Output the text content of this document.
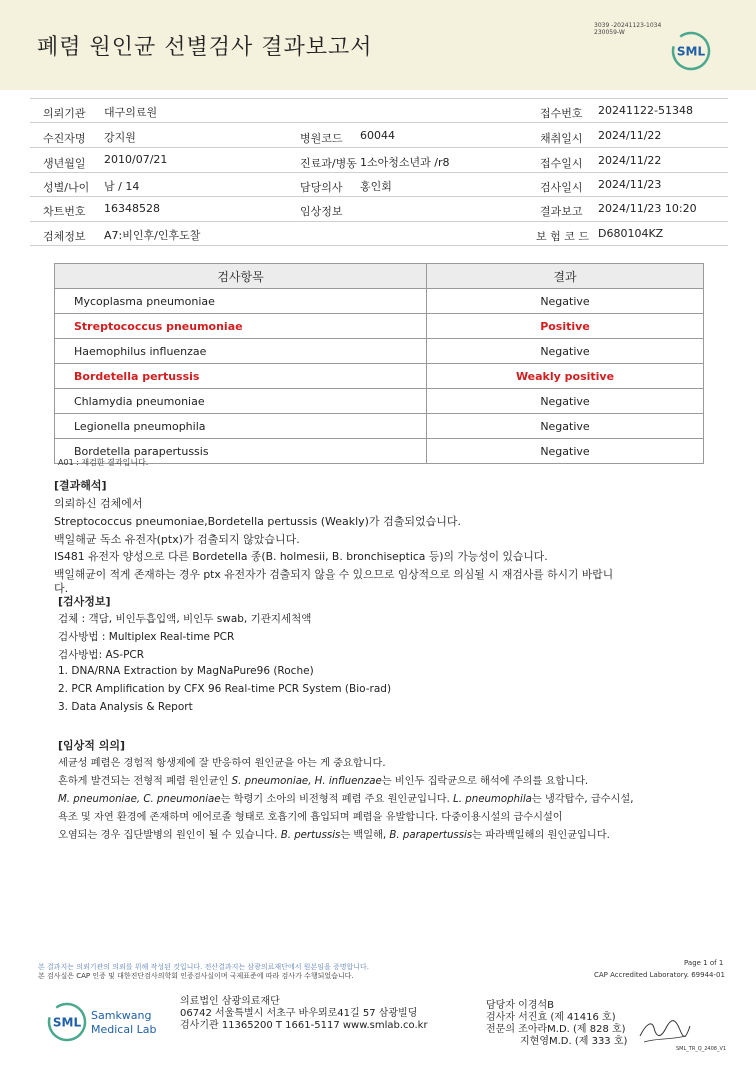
폐렴 원인균 선별검사 결과보고서
3039 -20241123-1034
230059-W
SML
의뢰기관 대구의료원	접수번호 20241122-51348
수진자명 강지원	병원코드 60044	채취일시 2024/11/22
생년월일 2010/07/21	진료과/병동 1소아청소년과 /r8	접수일시 2024/11/22
성별/나이 남 / 14	담당의사 홍인회	검사일시 2024/11/23
차트번호 16348528	임상정보	결과보고 2024/11/23 10:20
검체정보 A7:비인후/인후도찰	보 험 코 드 D680104KZ
검사항목	결과
Mycoplasma pneumoniae	Negative
Streptococcus pneumoniae	Positive
Haemophilus influenzae	Negative
Bordetella pertussis	Weakly positive
Chlamydia pneumoniae	Negative
Legionella pneumophila	Negative
Bordetella parapertussis	Negative
A01 : 재검한 결과입니다.
[결과해석]
의뢰하신 검체에서
Streptococcus pneumoniae,Bordetella pertussis (Weakly)가 검출되었습니다.
백일해균 독소 유전자(ptx)가 검출되지 않았습니다.
IS481 유전자 양성으로 다른 Bordetella 종(B. holmesii, B. bronchiseptica 등)의 가능성이 있습니다.
백일해균이 적게 존재하는 경우 ptx 유전자가 검출되지 않을 수 있으므로 임상적으로 의심될 시 재검사를 하시기 바랍니
다.
[검사정보]
검체 : 객담, 비인두흡입액, 비인두 swab, 기관지세척액
검사방법 : Multiplex Real-time PCR
검사방법: AS-PCR
1. DNA/RNA Extraction by MagNaPure96 (Roche)
2. PCR Amplification by CFX 96 Real-time PCR System (Bio-rad)
3. Data Analysis & Report
[임상적 의의]
세균성 폐렴은 경험적 항생제에 잘 반응하여 원인균을 아는 게 중요합니다.
흔하게 발견되는 전형적 폐렴 원인균인 S. pneumoniae, H. influenzae는 비인두 집락균으로 해석에 주의를 요합니다.
M. pneumoniae, C. pneumoniae는 학령기 소아의 비전형적 폐렴 주요 원인균입니다. L. pneumophila는 냉각탑수, 급수시설,
욕조 및 자연 환경에 존재하며 에어로졸 형태로 호흡기에 흡입되며 폐렴을 유발합니다. 다중이용시설의 급수시설이
오염되는 경우 집단발병의 원인이 될 수 있습니다. B. pertussis는 백일해, B. parapertussis는 파라백일해의 원인균입니다.
본 결과지는 의뢰기관의 의뢰를 위해 작성된 것입니다. 전산결과지는 삼광의료재단에서 원본임을 증명합니다.
본 검사실은 CAP 인증 및 대한진단검사의학회 인증검사실이며 국제표준에 따라 검사가 수행되었습니다.
Page 1 of 1
CAP Accredited Laboratory. 69944-01
SML Samkwang
Medical Lab
의료법인 삼광의료재단
06742 서울특별시 서초구 바우뫼로41길 57 삼광빌딩
검사기관 11365200 T 1661-5117 www.smlab.co.kr
담당자 이경석B
검사자 서진효 (제 41416 호)
전문의 조아라M.D. (제 828 호)
지현영M.D. (제 333 호)
SML_TR_Q_2408_V1
